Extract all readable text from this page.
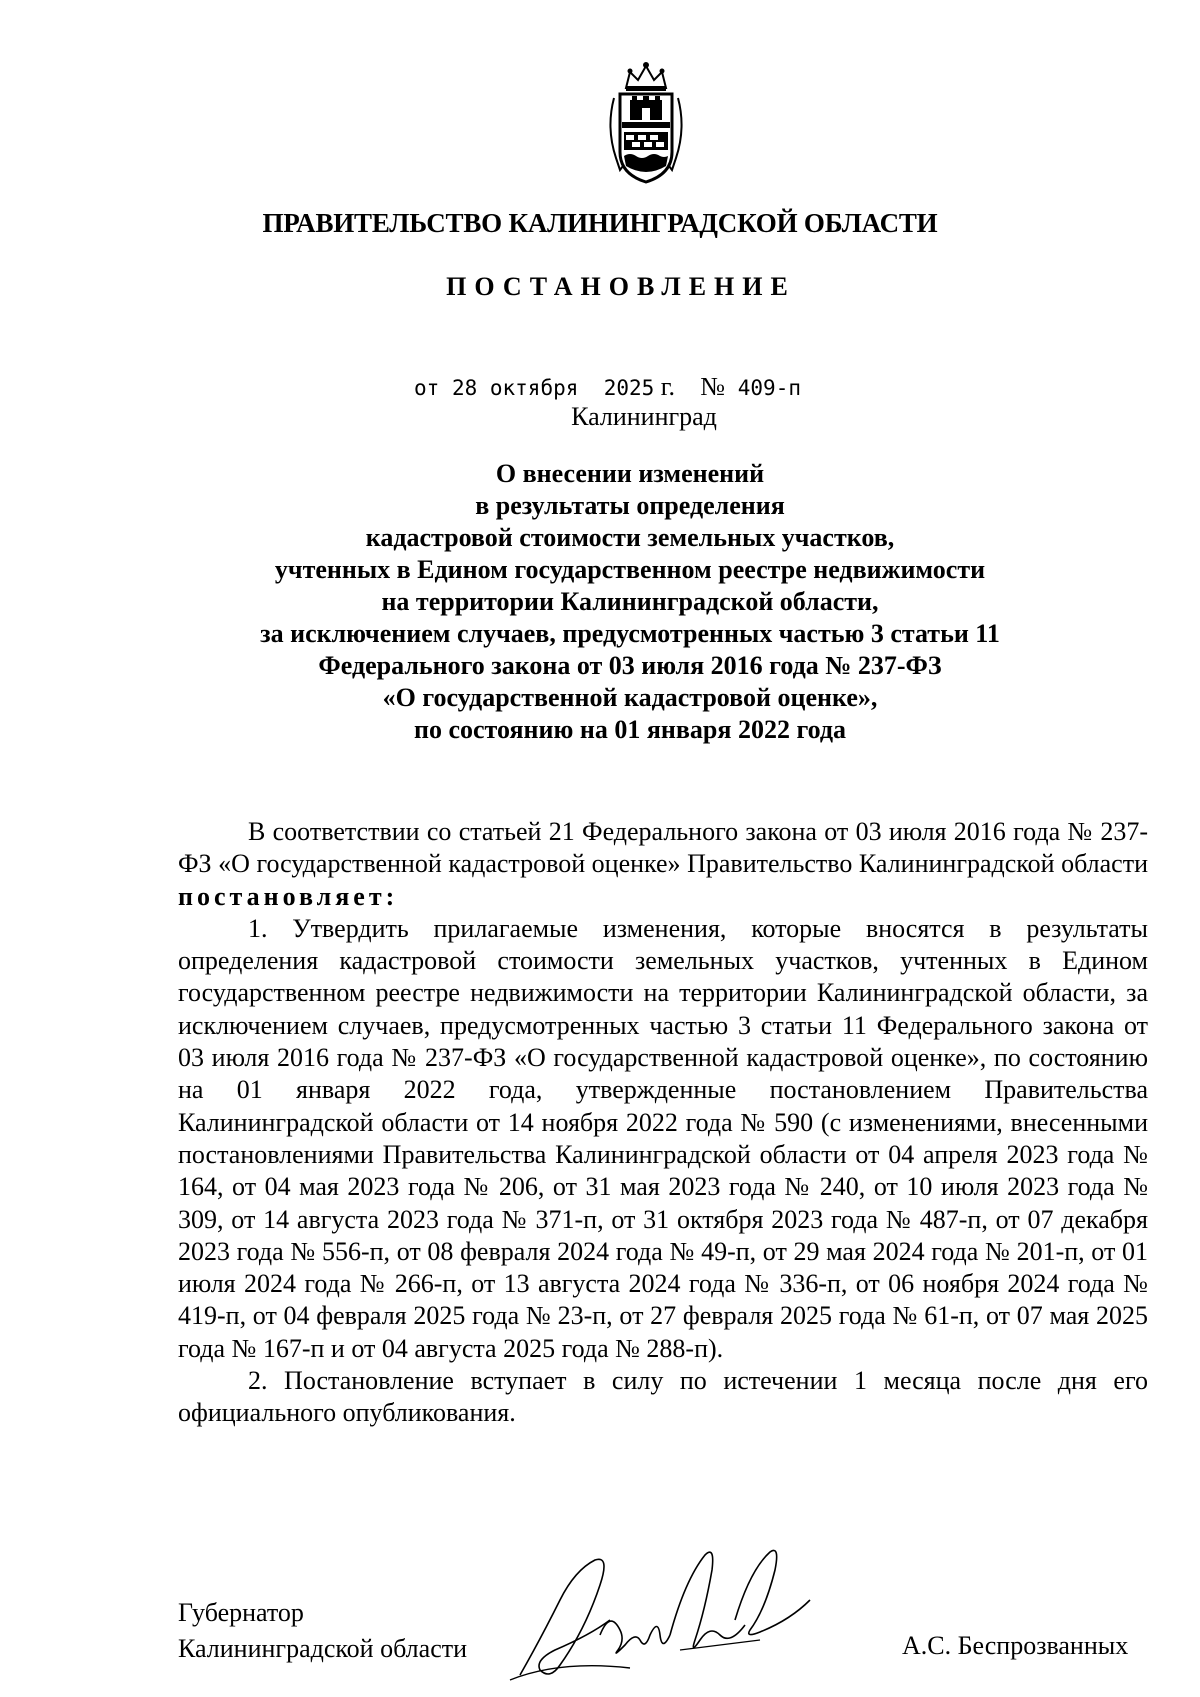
ПРАВИТЕЛЬСТВО КАЛИНИНГРАДСКОЙ ОБЛАСТИ
ПОСТАНОВЛЕНИЕ
от 28 октября 2025 г. № 409-п
Калининград
О внесении изменений
в результаты определения
кадастровой стоимости земельных участков,
учтенных в Едином государственном реестре недвижимости
на территории Калининградской области,
за исключением случаев, предусмотренных частью 3 статьи 11
Федерального закона от 03 июля 2016 года № 237-ФЗ
«О государственной кадастровой оценке»,
по состоянию на 01 января 2022 года

В соответствии со статьей 21 Федерального закона от 03 июля 2016 года № 237-ФЗ «О государственной кадастровой оценке» Правительство Калининградской области постановляет:

1. Утвердить прилагаемые изменения, которые вносятся в результаты определения кадастровой стоимости земельных участков, учтенных в Едином государственном реестре недвижимости на территории Калининградской области, за исключением случаев, предусмотренных частью 3 статьи 11 Федерального закона от 03 июля 2016 года № 237-ФЗ «О государственной кадастровой оценке», по состоянию на 01 января 2022 года, утвержденные постановлением Правительства Калининградской области от 14 ноября 2022 года № 590 (с изменениями, внесенными постановлениями Правительства Калининградской области от 04 апреля 2023 года № 164, от 04 мая 2023 года № 206, от 31 мая 2023 года № 240, от 10 июля 2023 года № 309, от 14 августа 2023 года № 371-п, от 31 октября 2023 года № 487-п, от 07 декабря 2023 года № 556-п, от 08 февраля 2024 года № 49-п, от 29 мая 2024 года № 201-п, от 01 июля 2024 года № 266-п, от 13 августа 2024 года № 336-п, от 06 ноября 2024 года № 419-п, от 04 февраля 2025 года № 23-п, от 27 февраля 2025 года № 61-п, от 07 мая 2025 года № 167-п и от 04 августа 2025 года № 288-п).

2. Постановление вступает в силу по истечении 1 месяца после дня его официального опубликования.

Губернатор
Калининградской области	А.С. Беспрозванных
